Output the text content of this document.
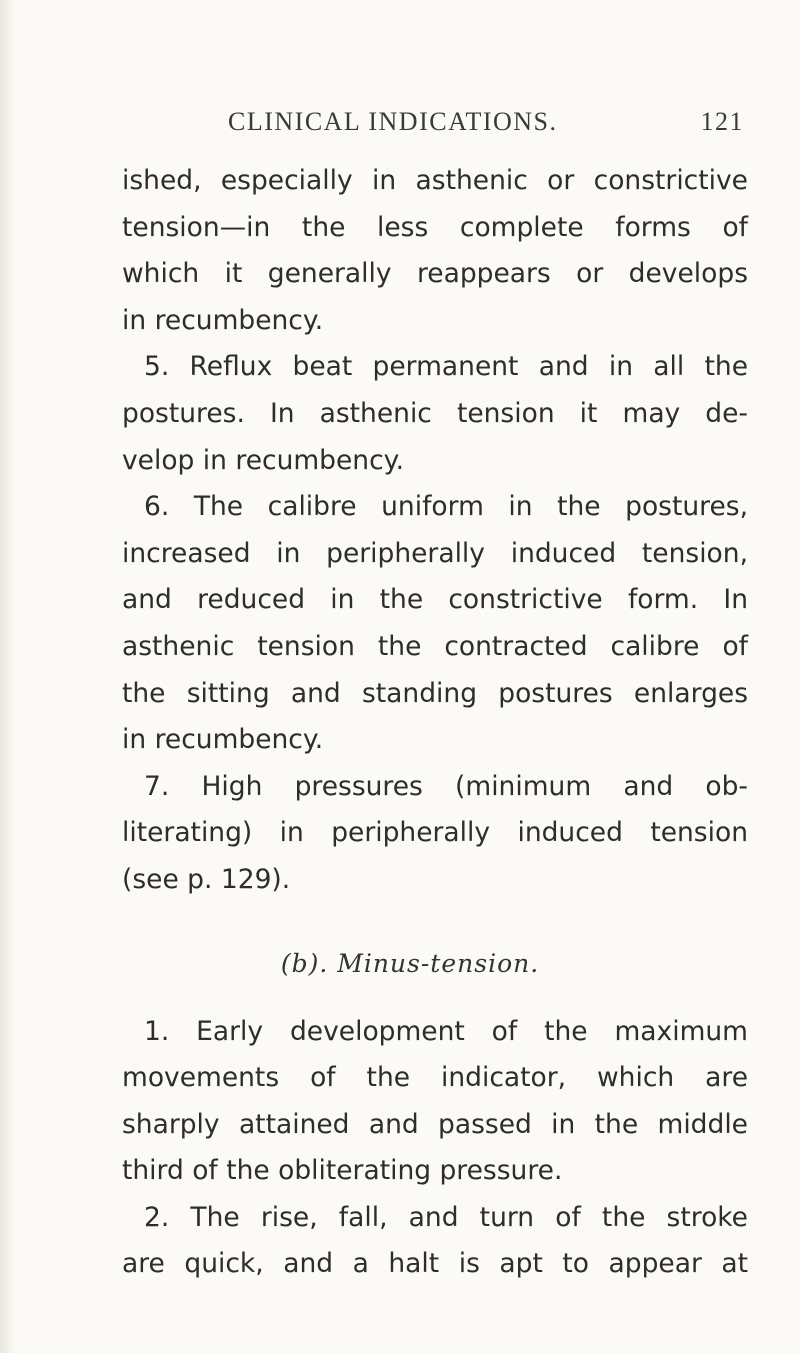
CLINICAL INDICATIONS.	121
ished, especially in asthenic or constrictive
tension—in the less complete forms of
which it generally reappears or develops
in recumbency.
5. Reflux beat permanent and in all the
postures. In asthenic tension it may de-
velop in recumbency.
6. The calibre uniform in the postures,
increased in peripherally induced tension,
and reduced in the constrictive form. In
asthenic tension the contracted calibre of
the sitting and standing postures enlarges
in recumbency.
7. High pressures (minimum and ob-
literating) in peripherally induced tension
(see p. 129).
(b). Minus-tension.
1. Early development of the maximum
movements of the indicator, which are
sharply attained and passed in the middle
third of the obliterating pressure.
2. The rise, fall, and turn of the stroke
are quick, and a halt is apt to appear at
